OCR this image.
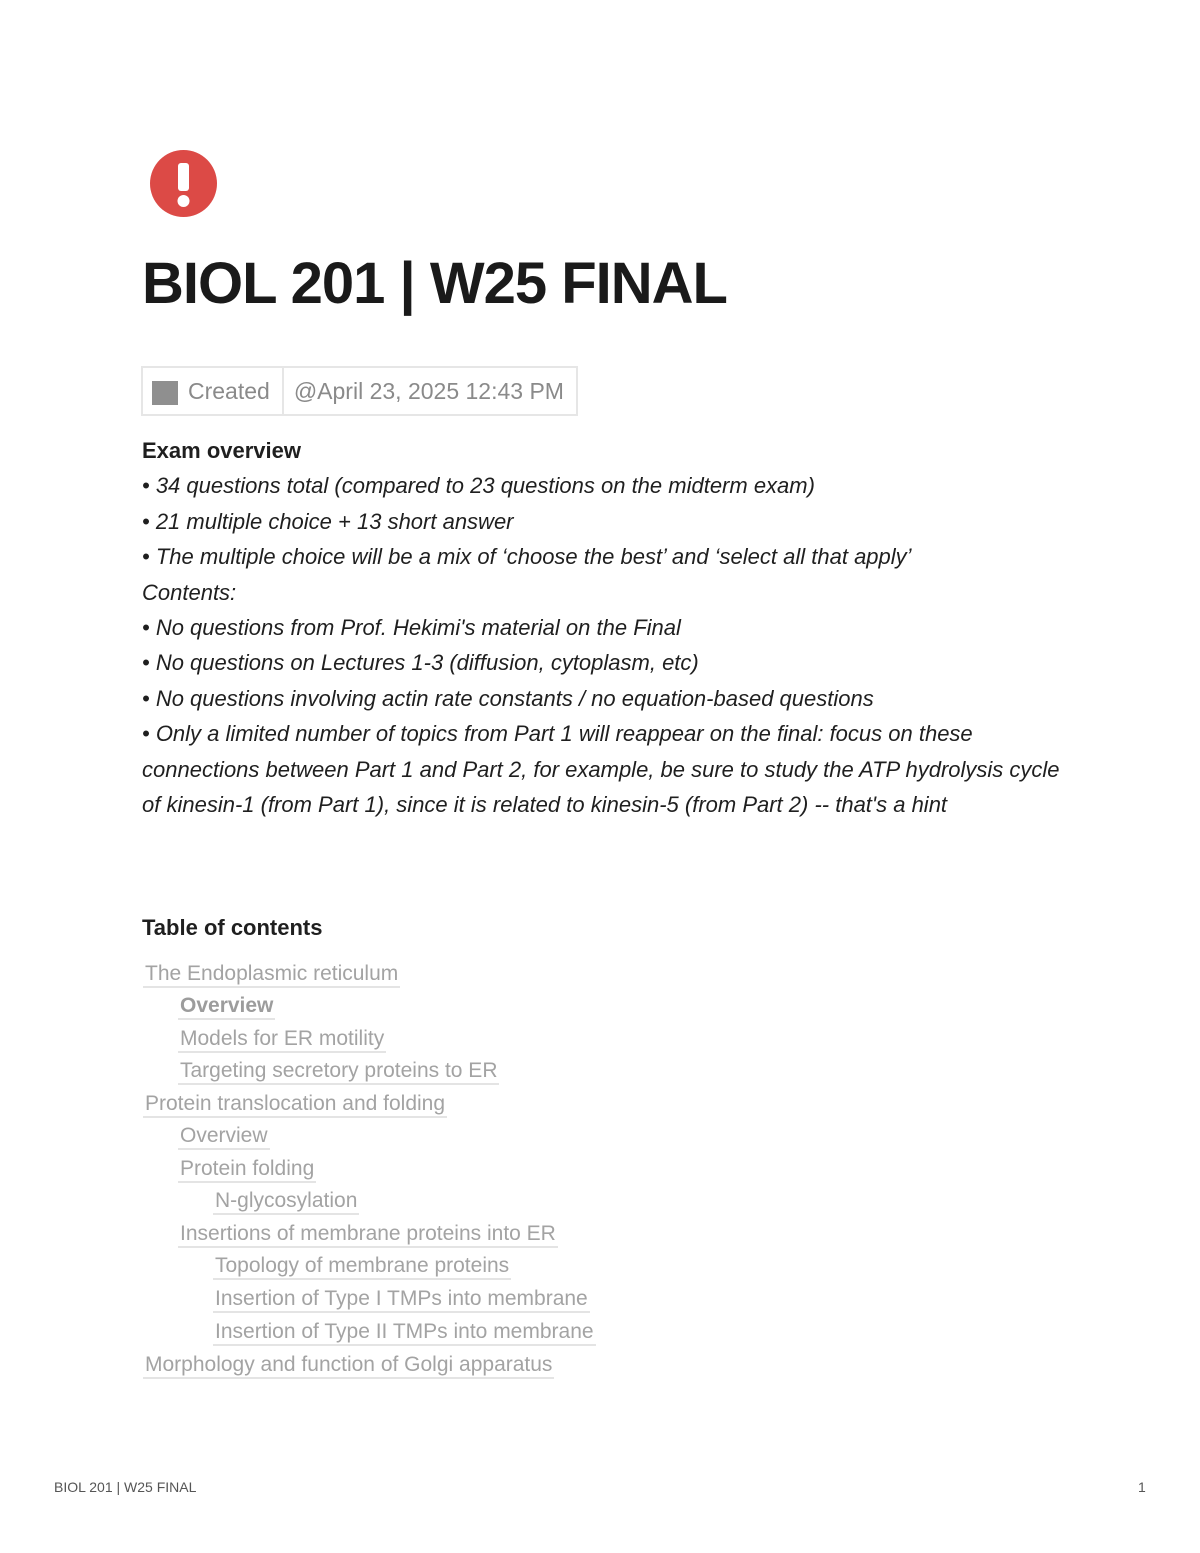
BIOL 201 | W25 FINAL
Created	@April 23, 2025 12:43 PM
Exam overview
• 34 questions total (compared to 23 questions on the midterm exam)
• 21 multiple choice + 13 short answer
• The multiple choice will be a mix of ‘choose the best’ and ‘select all that apply’
Contents:
• No questions from Prof. Hekimi's material on the Final
• No questions on Lectures 1-3 (diffusion, cytoplasm, etc)
• No questions involving actin rate constants / no equation-based questions
• Only a limited number of topics from Part 1 will reappear on the final: focus on these connections between Part 1 and Part 2, for example, be sure to study the ATP hydrolysis cycle of kinesin-1 (from Part 1), since it is related to kinesin-5 (from Part 2) -- that's a hint
Table of contents
The Endoplasmic reticulum
Overview
Models for ER motility
Targeting secretory proteins to ER
Protein translocation and folding
Overview
Protein folding
N-glycosylation
Insertions of membrane proteins into ER
Topology of membrane proteins
Insertion of Type I TMPs into membrane
Insertion of Type II TMPs into membrane
Morphology and function of Golgi apparatus
BIOL 201 | W25 FINAL	1
